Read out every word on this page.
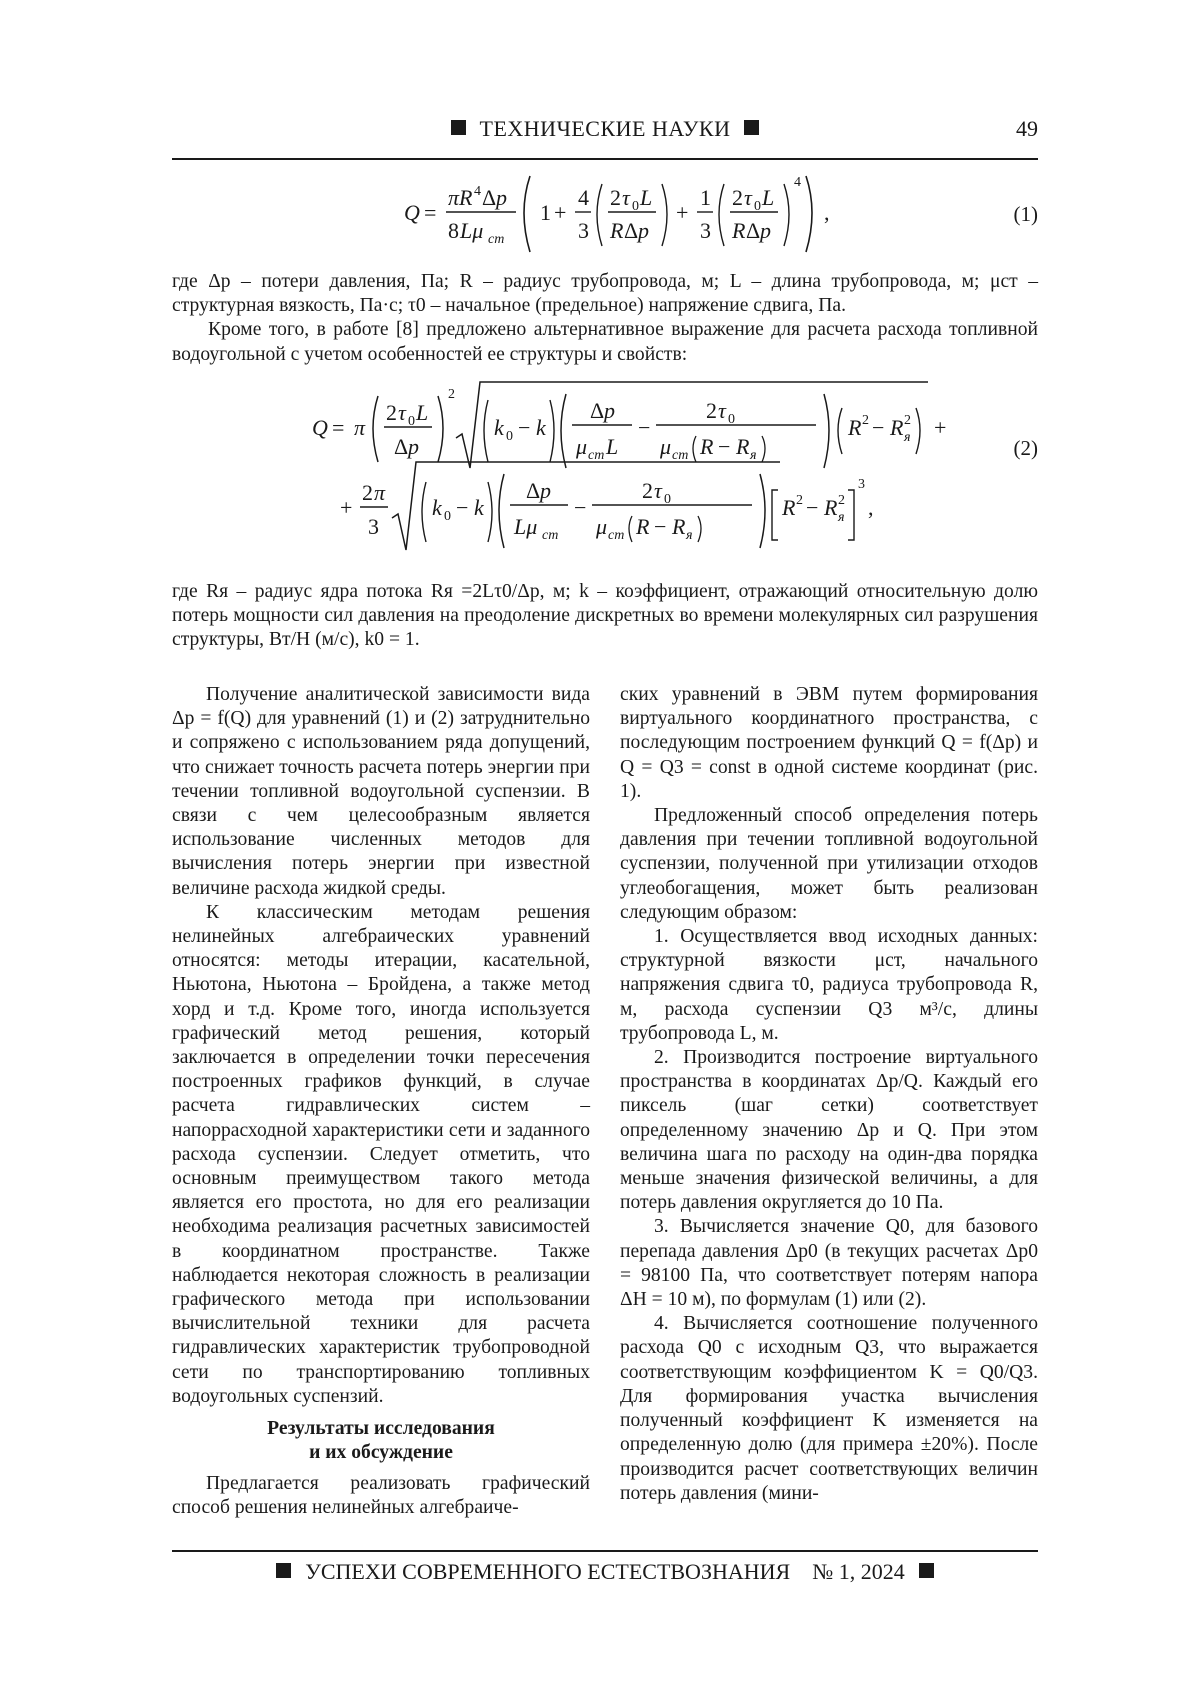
ТЕХНИЧЕСКИЕ НАУКИ	49
Q =
πR 4 Δ p
8 Lμ ст
1 +
4
3
2 τ 0 L
R Δ p
+
1
3
2 τ 0 L
R Δ p
4
,	(1)

где Δp – потери давления, Па; R – радиус трубопровода, м; L – длина трубопровода, м; μст – структурная вязкость, Па·с; τ0 – начальное (предельное) напряжение сдвига, Па.

Кроме того, в работе [8] предложено альтернативное выражение для расчета расхода топливной водоугольной с учетом особенностей ее структуры и свойств:

Q = π
2 τ 0 L
Δ p
2
k 0 − k
Δ p
μ ст L
−
2 τ 0
μ ст R − R я
R 2 − R 2
я +
+
2 π
3
k 0 − k
Δ p
Lμ ст
−
2 τ 0
μ ст R − R я
R 2 − R 2
я
3
,
(2)

где Rя – радиус ядра потока Rя =2Lτ0/Δp, м; k – коэффициент, отражающий относительную долю потерь мощности сил давления на преодоление дискретных во времени молекулярных сил разрушения структуры, Вт/Н (м/с), k0 = 1.

Получение аналитической зависимости вида Δp = f(Q) для уравнений (1) и (2) затруднительно и сопряжено с использованием ряда допущений, что снижает точность расчета потерь энергии при течении топливной водоугольной суспензии. В связи с чем целесообразным является использование численных методов для вычисления потерь энергии при известной величине расхода жидкой среды.

К классическим методам решения нелинейных алгебраических уравнений относятся: методы итерации, касательной, Ньютона, Ньютона – Бройдена, а также метод хорд и т.д. Кроме того, иногда используется графический метод решения, который заключается в определении точки пересечения построенных графиков функций, в случае расчета гидравлических систем – напоррасходной характеристики сети и заданного расхода суспензии. Следует отметить, что основным преимуществом такого метода является его простота, но для его реализации необходима реализация расчетных зависимостей в координатном пространстве. Также наблюдается некоторая сложность в реализации графического метода при использовании вычислительной техники для расчета гидравлических характеристик трубопроводной сети по транспортированию топливных водоугольных суспензий.

Результаты исследования
и их обсуждение

Предлагается реализовать графический способ решения нелинейных алгебраиче-

ских уравнений в ЭВМ путем формирования виртуального координатного пространства, с последующим построением функций Q = f(Δp) и Q = Q3 = const в одной системе координат (рис. 1).

Предложенный способ определения потерь давления при течении топливной водоугольной суспензии, полученной при утилизации отходов углеобогащения, может быть реализован следующим образом:

1. Осуществляется ввод исходных данных: структурной вязкости μст, начального напряжения сдвига τ0, радиуса трубопровода R, м, расхода суспензии Q3 м³/с, длины трубопровода L, м.

2. Производится построение виртуального пространства в координатах Δp/Q. Каждый его пиксель (шаг сетки) соответствует определенному значению Δp и Q. При этом величина шага по расходу на один-два порядка меньше значения физической величины, а для потерь давления округляется до 10 Па.

3. Вычисляется значение Q0, для базового перепада давления Δp0 (в текущих расчетах Δp0 = 98100 Па, что соответствует потерям напора ΔH = 10 м), по формулам (1) или (2).

4. Вычисляется соотношение полученного расхода Q0 с исходным Q3, что выражается соответствующим коэффициентом K = Q0/Q3. Для формирования участка вычисления полученный коэффициент K изменяется на определенную долю (для примера ±20%). После производится расчет соответствующих величин потерь давления (мини-

УСПЕХИ СОВРЕМЕННОГО ЕСТЕСТВОЗНАНИЯ № 1, 2024
